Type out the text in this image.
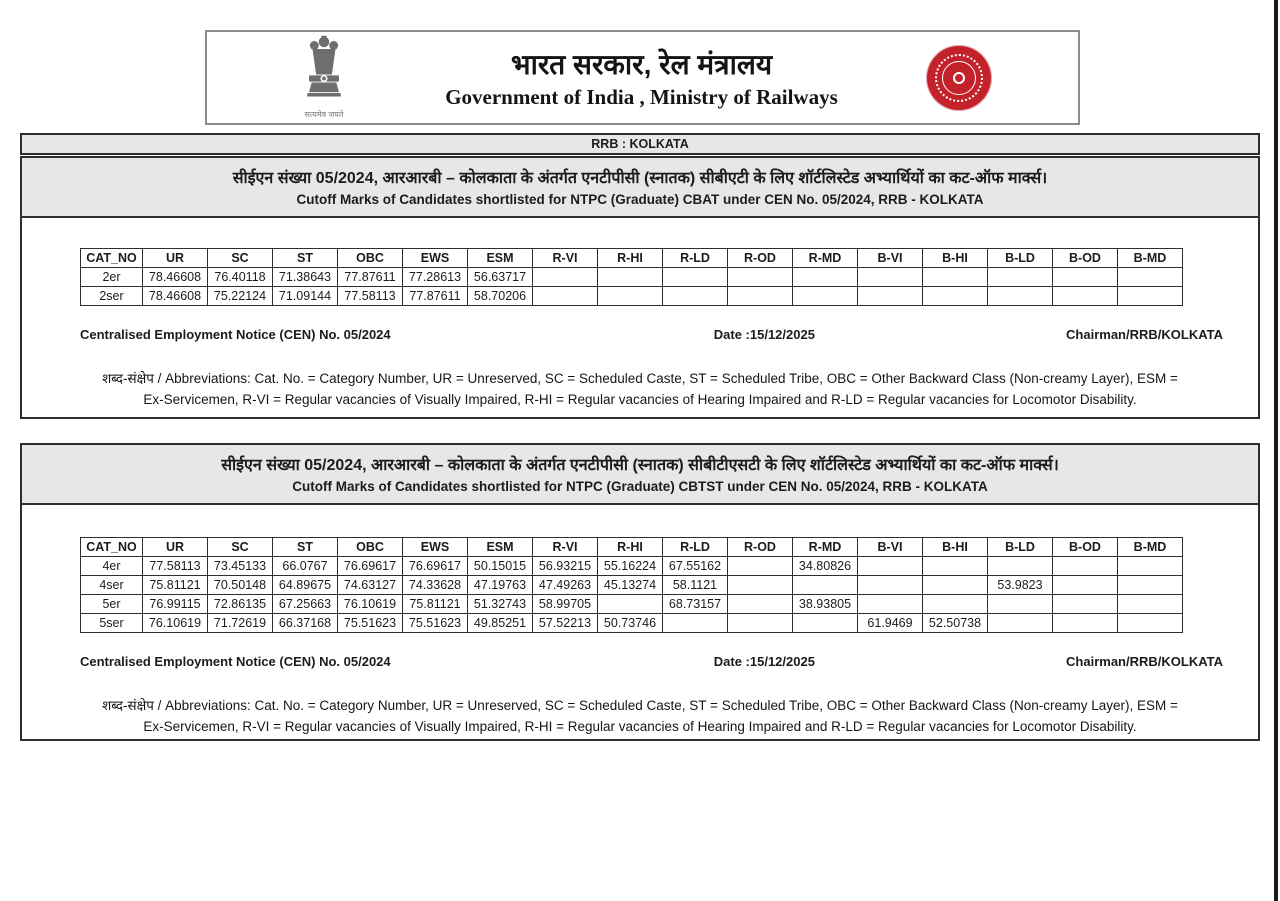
सत्यमेव जयते
भारत सरकार, रेल मंत्रालय
Government of India , Ministry of Railways
RRB : KOLKATA
सीईएन संख्या 05/2024, आरआरबी – कोलकाता के अंतर्गत एनटीपीसी (स्नातक) सीबीएटी के लिए शॉर्टलिस्टेड अभ्यार्थियों का कट-ऑफ मार्क्स।
Cutoff Marks of Candidates shortlisted for NTPC (Graduate) CBAT under CEN No. 05/2024, RRB - KOLKATA
CAT_NO	UR	SC	ST	OBC	EWS	ESM	R-VI	R-HI	R-LD	R-OD	R-MD	B-VI	B-HI	B-LD	B-OD	B-MD
2er	78.46608	76.40118	71.38643	77.87611	77.28613	56.63717										
2ser	78.46608	75.22124	71.09144	77.58113	77.87611	58.70206										
Centralised Employment Notice (CEN) No. 05/2024	Date :15/12/2025	Chairman/RRB/KOLKATA
शब्द-संक्षेप / Abbreviations: Cat. No. = Category Number, UR = Unreserved, SC = Scheduled Caste, ST = Scheduled Tribe, OBC = Other Backward Class (Non-creamy Layer), ESM = Ex-Servicemen, R-VI = Regular vacancies of Visually Impaired, R-HI = Regular vacancies of Hearing Impaired and R-LD = Regular vacancies for Locomotor Disability.
सीईएन संख्या 05/2024, आरआरबी – कोलकाता के अंतर्गत एनटीपीसी (स्नातक) सीबीटीएसटी के लिए शॉर्टलिस्टेड अभ्यार्थियों का कट-ऑफ मार्क्स।
Cutoff Marks of Candidates shortlisted for NTPC (Graduate) CBTST under CEN No. 05/2024, RRB - KOLKATA
CAT_NO	UR	SC	ST	OBC	EWS	ESM	R-VI	R-HI	R-LD	R-OD	R-MD	B-VI	B-HI	B-LD	B-OD	B-MD
4er	77.58113	73.45133	66.0767	76.69617	76.69617	50.15015	56.93215	55.16224	67.55162		34.80826					
4ser	75.81121	70.50148	64.89675	74.63127	74.33628	47.19763	47.49263	45.13274	58.1121					53.9823		
5er	76.99115	72.86135	67.25663	76.10619	75.81121	51.32743	58.99705		68.73157		38.93805					
5ser	76.10619	71.72619	66.37168	75.51623	75.51623	49.85251	57.52213	50.73746				61.9469	52.50738			
Centralised Employment Notice (CEN) No. 05/2024	Date :15/12/2025	Chairman/RRB/KOLKATA
शब्द-संक्षेप / Abbreviations: Cat. No. = Category Number, UR = Unreserved, SC = Scheduled Caste, ST = Scheduled Tribe, OBC = Other Backward Class (Non-creamy Layer), ESM = Ex-Servicemen, R-VI = Regular vacancies of Visually Impaired, R-HI = Regular vacancies of Hearing Impaired and R-LD = Regular vacancies for Locomotor Disability.
